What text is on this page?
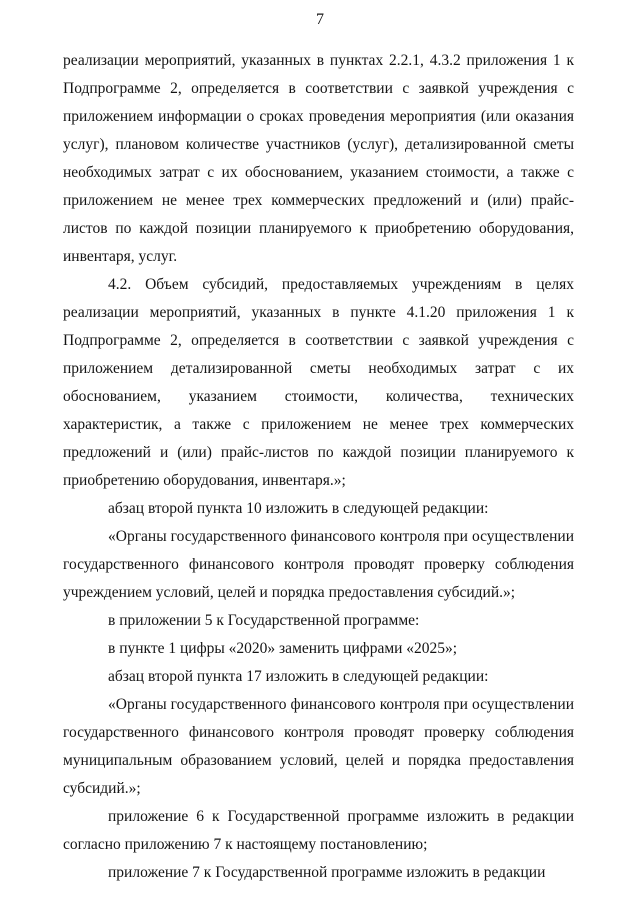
7

реализации мероприятий, указанных в пунктах 2.2.1, 4.3.2 приложения 1 к Подпрограмме 2, определяется в соответствии с заявкой учреждения с приложением информации о сроках проведения мероприятия (или оказания услуг), плановом количестве участников (услуг), детализированной сметы необходимых затрат с их обоснованием, указанием стоимости, а также с приложением не менее трех коммерческих предложений и (или) прайс-листов по каждой позиции планируемого к приобретению оборудования, инвентаря, услуг.

4.2. Объем субсидий, предоставляемых учреждениям в целях реализации мероприятий, указанных в пункте 4.1.20 приложения 1 к Подпрограмме 2, определяется в соответствии с заявкой учреждения с приложением детализированной сметы необходимых затрат с их обоснованием, указанием стоимости, количества, технических характеристик, а также с приложением не менее трех коммерческих предложений и (или) прайс-листов по каждой позиции планируемого к приобретению оборудования, инвентаря.»;

абзац второй пункта 10 изложить в следующей редакции:

«Органы государственного финансового контроля при осуществлении государственного финансового контроля проводят проверку соблюдения учреждением условий, целей и порядка предоставления субсидий.»;

в приложении 5 к Государственной программе:

в пункте 1 цифры «2020» заменить цифрами «2025»;

абзац второй пункта 17 изложить в следующей редакции:

«Органы государственного финансового контроля при осуществлении государственного финансового контроля проводят проверку соблюдения муниципальным образованием условий, целей и порядка предоставления субсидий.»;

приложение 6 к Государственной программе изложить в редакции согласно приложению 7 к настоящему постановлению;

приложение 7 к Государственной программе изложить в редакции
